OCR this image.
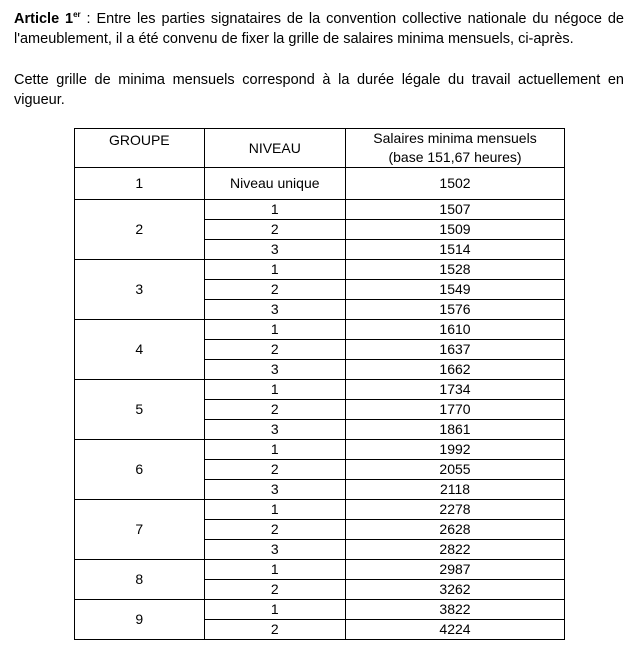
Article 1er : Entre les parties signataires de la convention collective nationale du négoce de l'ameublement, il a été convenu de fixer la grille de salaires minima mensuels, ci-après.

Cette grille de minima mensuels correspond à la durée légale du travail actuellement en vigueur.

GROUPE	NIVEAU	Salaires minima mensuels
(base 151,67 heures)

1	Niveau unique	1502
2	1	1507
	2	1509
	3	1514
3	1	1528
	2	1549
	3	1576
4	1	1610
	2	1637
	3	1662
5	1	1734
	2	1770
	3	1861
6	1	1992
	2	2055
	3	2118
7	1	2278
	2	2628
	3	2822
8	1	2987
	2	3262
9	1	3822
	2	4224
